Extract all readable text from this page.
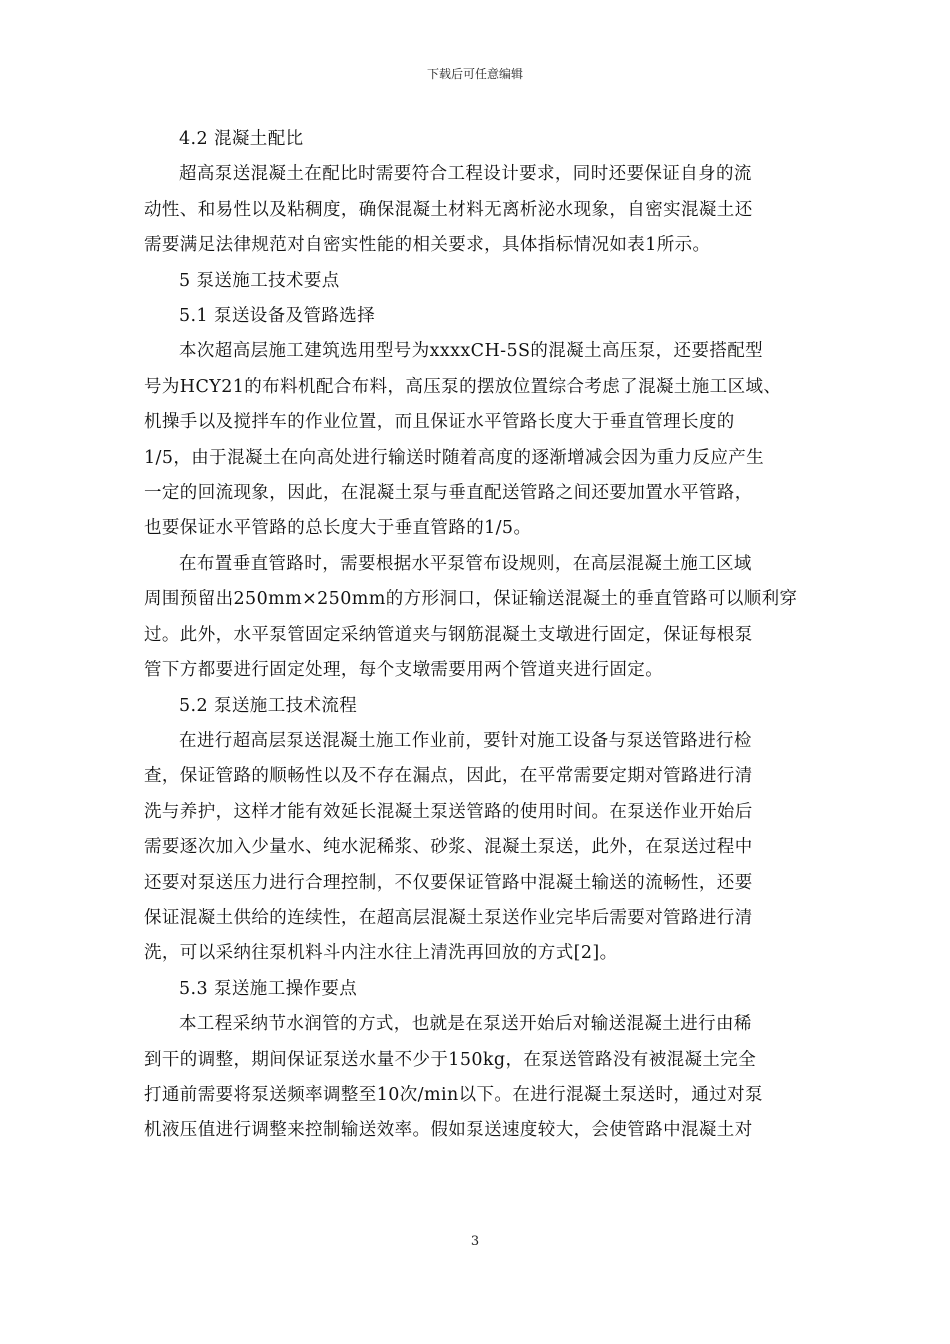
下载后可任意编辑

4.2 混凝土配比

超高泵送混凝土在配比时需要符合工程设计要求，同时还要保证自身的流
动性、和易性以及粘稠度，确保混凝土材料无离析泌水现象，自密实混凝土还
需要满足法律规范对自密实性能的相关要求，具体指标情况如表1所示。

5 泵送施工技术要点

5.1 泵送设备及管路选择

本次超高层施工建筑选用型号为xxxxCH-5S的混凝土高压泵，还要搭配型
号为HCY21的布料机配合布料，高压泵的摆放位置综合考虑了混凝土施工区域、
机操手以及搅拌车的作业位置，而且保证水平管路长度大于垂直管理长度的
1/5，由于混凝土在向高处进行输送时随着高度的逐渐增减会因为重力反应产生
一定的回流现象，因此，在混凝土泵与垂直配送管路之间还要加置水平管路，
也要保证水平管路的总长度大于垂直管路的1/5。

在布置垂直管路时，需要根据水平泵管布设规则，在高层混凝土施工区域
周围预留出250mm×250mm的方形洞口，保证输送混凝土的垂直管路可以顺利穿
过。此外，水平泵管固定采纳管道夹与钢筋混凝土支墩进行固定，保证每根泵
管下方都要进行固定处理，每个支墩需要用两个管道夹进行固定。

5.2 泵送施工技术流程

在进行超高层泵送混凝土施工作业前，要针对施工设备与泵送管路进行检
查，保证管路的顺畅性以及不存在漏点，因此，在平常需要定期对管路进行清
洗与养护，这样才能有效延长混凝土泵送管路的使用时间。在泵送作业开始后
需要逐次加入少量水、纯水泥稀浆、砂浆、混凝土泵送，此外，在泵送过程中
还要对泵送压力进行合理控制，不仅要保证管路中混凝土输送的流畅性，还要
保证混凝土供给的连续性，在超高层混凝土泵送作业完毕后需要对管路进行清
洗，可以采纳往泵机料斗内注水往上清洗再回放的方式[2]。

5.3 泵送施工操作要点

本工程采纳节水润管的方式，也就是在泵送开始后对输送混凝土进行由稀
到干的调整，期间保证泵送水量不少于150kg，在泵送管路没有被混凝土完全
打通前需要将泵送频率调整至10次/min以下。在进行混凝土泵送时，通过对泵
机液压值进行调整来控制输送效率。假如泵送速度较大，会使管路中混凝土对

3
